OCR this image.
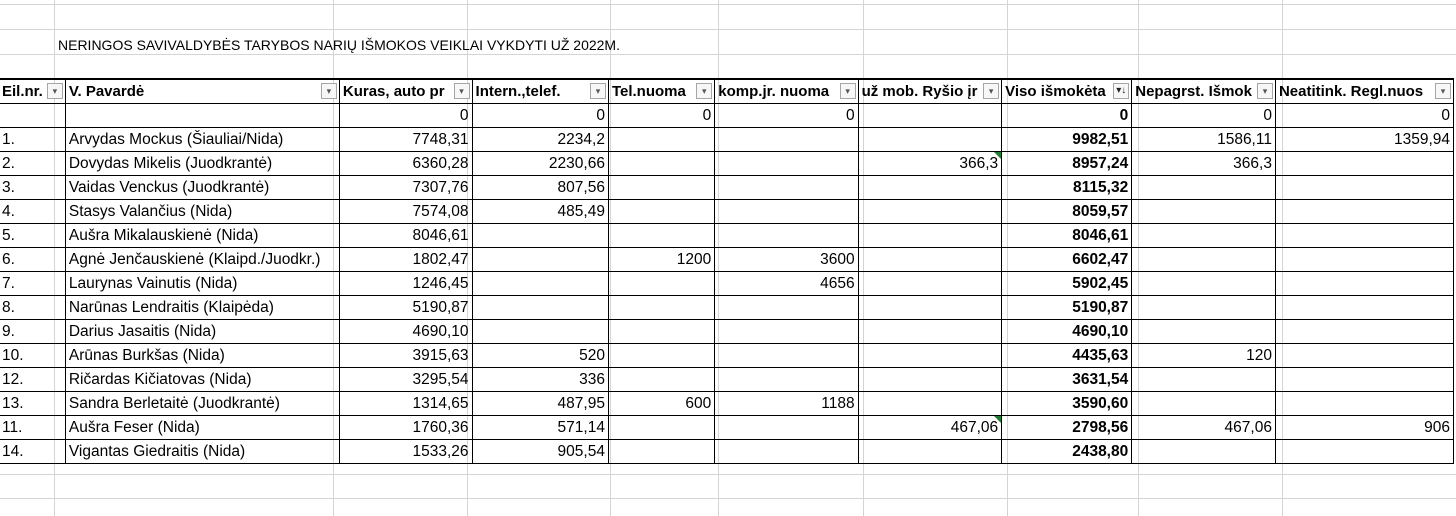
NERINGOS SAVIVALDYBĖS TARYBOS NARIŲ IŠMOKOS VEIKLAI VYKDYTI UŽ 2022M.
Eil.nr. ▾	V. Pavardė ▾	Kuras, auto pr ▾	Intern.,telef. ▾	Tel.nuoma ▾	komp.jr. nuoma ▾	už mob. Ryšio įr ▾	Viso išmokėta ▾↓	Nepagrst. Išmok ▾	Neatitink. Regl.nuos ▾

		0	0	0	0		0	0	0
1.	Arvydas Mockus (Šiauliai/Nida)	7748,31	2234,2				9982,51	1586,11	1359,94
2.	Dovydas Mikelis (Juodkrantė)	6360,28	2230,66			366,3	8957,24	366,3	
3.	Vaidas Venckus (Juodkrantė)	7307,76	807,56				8115,32		
4.	Stasys Valančius (Nida)	7574,08	485,49				8059,57		
5.	Aušra Mikalauskienė (Nida)	8046,61					8046,61		
6.	Agnė Jenčauskienė (Klaipd./Juodkr.)	1802,47		1200	3600		6602,47		
7.	Laurynas Vainutis (Nida)	1246,45			4656		5902,45		
8.	Narūnas Lendraitis (Klaipėda)	5190,87					5190,87		
9.	Darius Jasaitis (Nida)	4690,10					4690,10		
10.	Arūnas Burkšas (Nida)	3915,63	520				4435,63	120	
12.	Ričardas Kičiatovas (Nida)	3295,54	336				3631,54		
13.	Sandra Berletaitė (Juodkrantė)	1314,65	487,95	600	1188		3590,60		
11.	Aušra Feser (Nida)	1760,36	571,14			467,06	2798,56	467,06	906
14.	Vigantas Giedraitis (Nida)	1533,26	905,54				2438,80		
